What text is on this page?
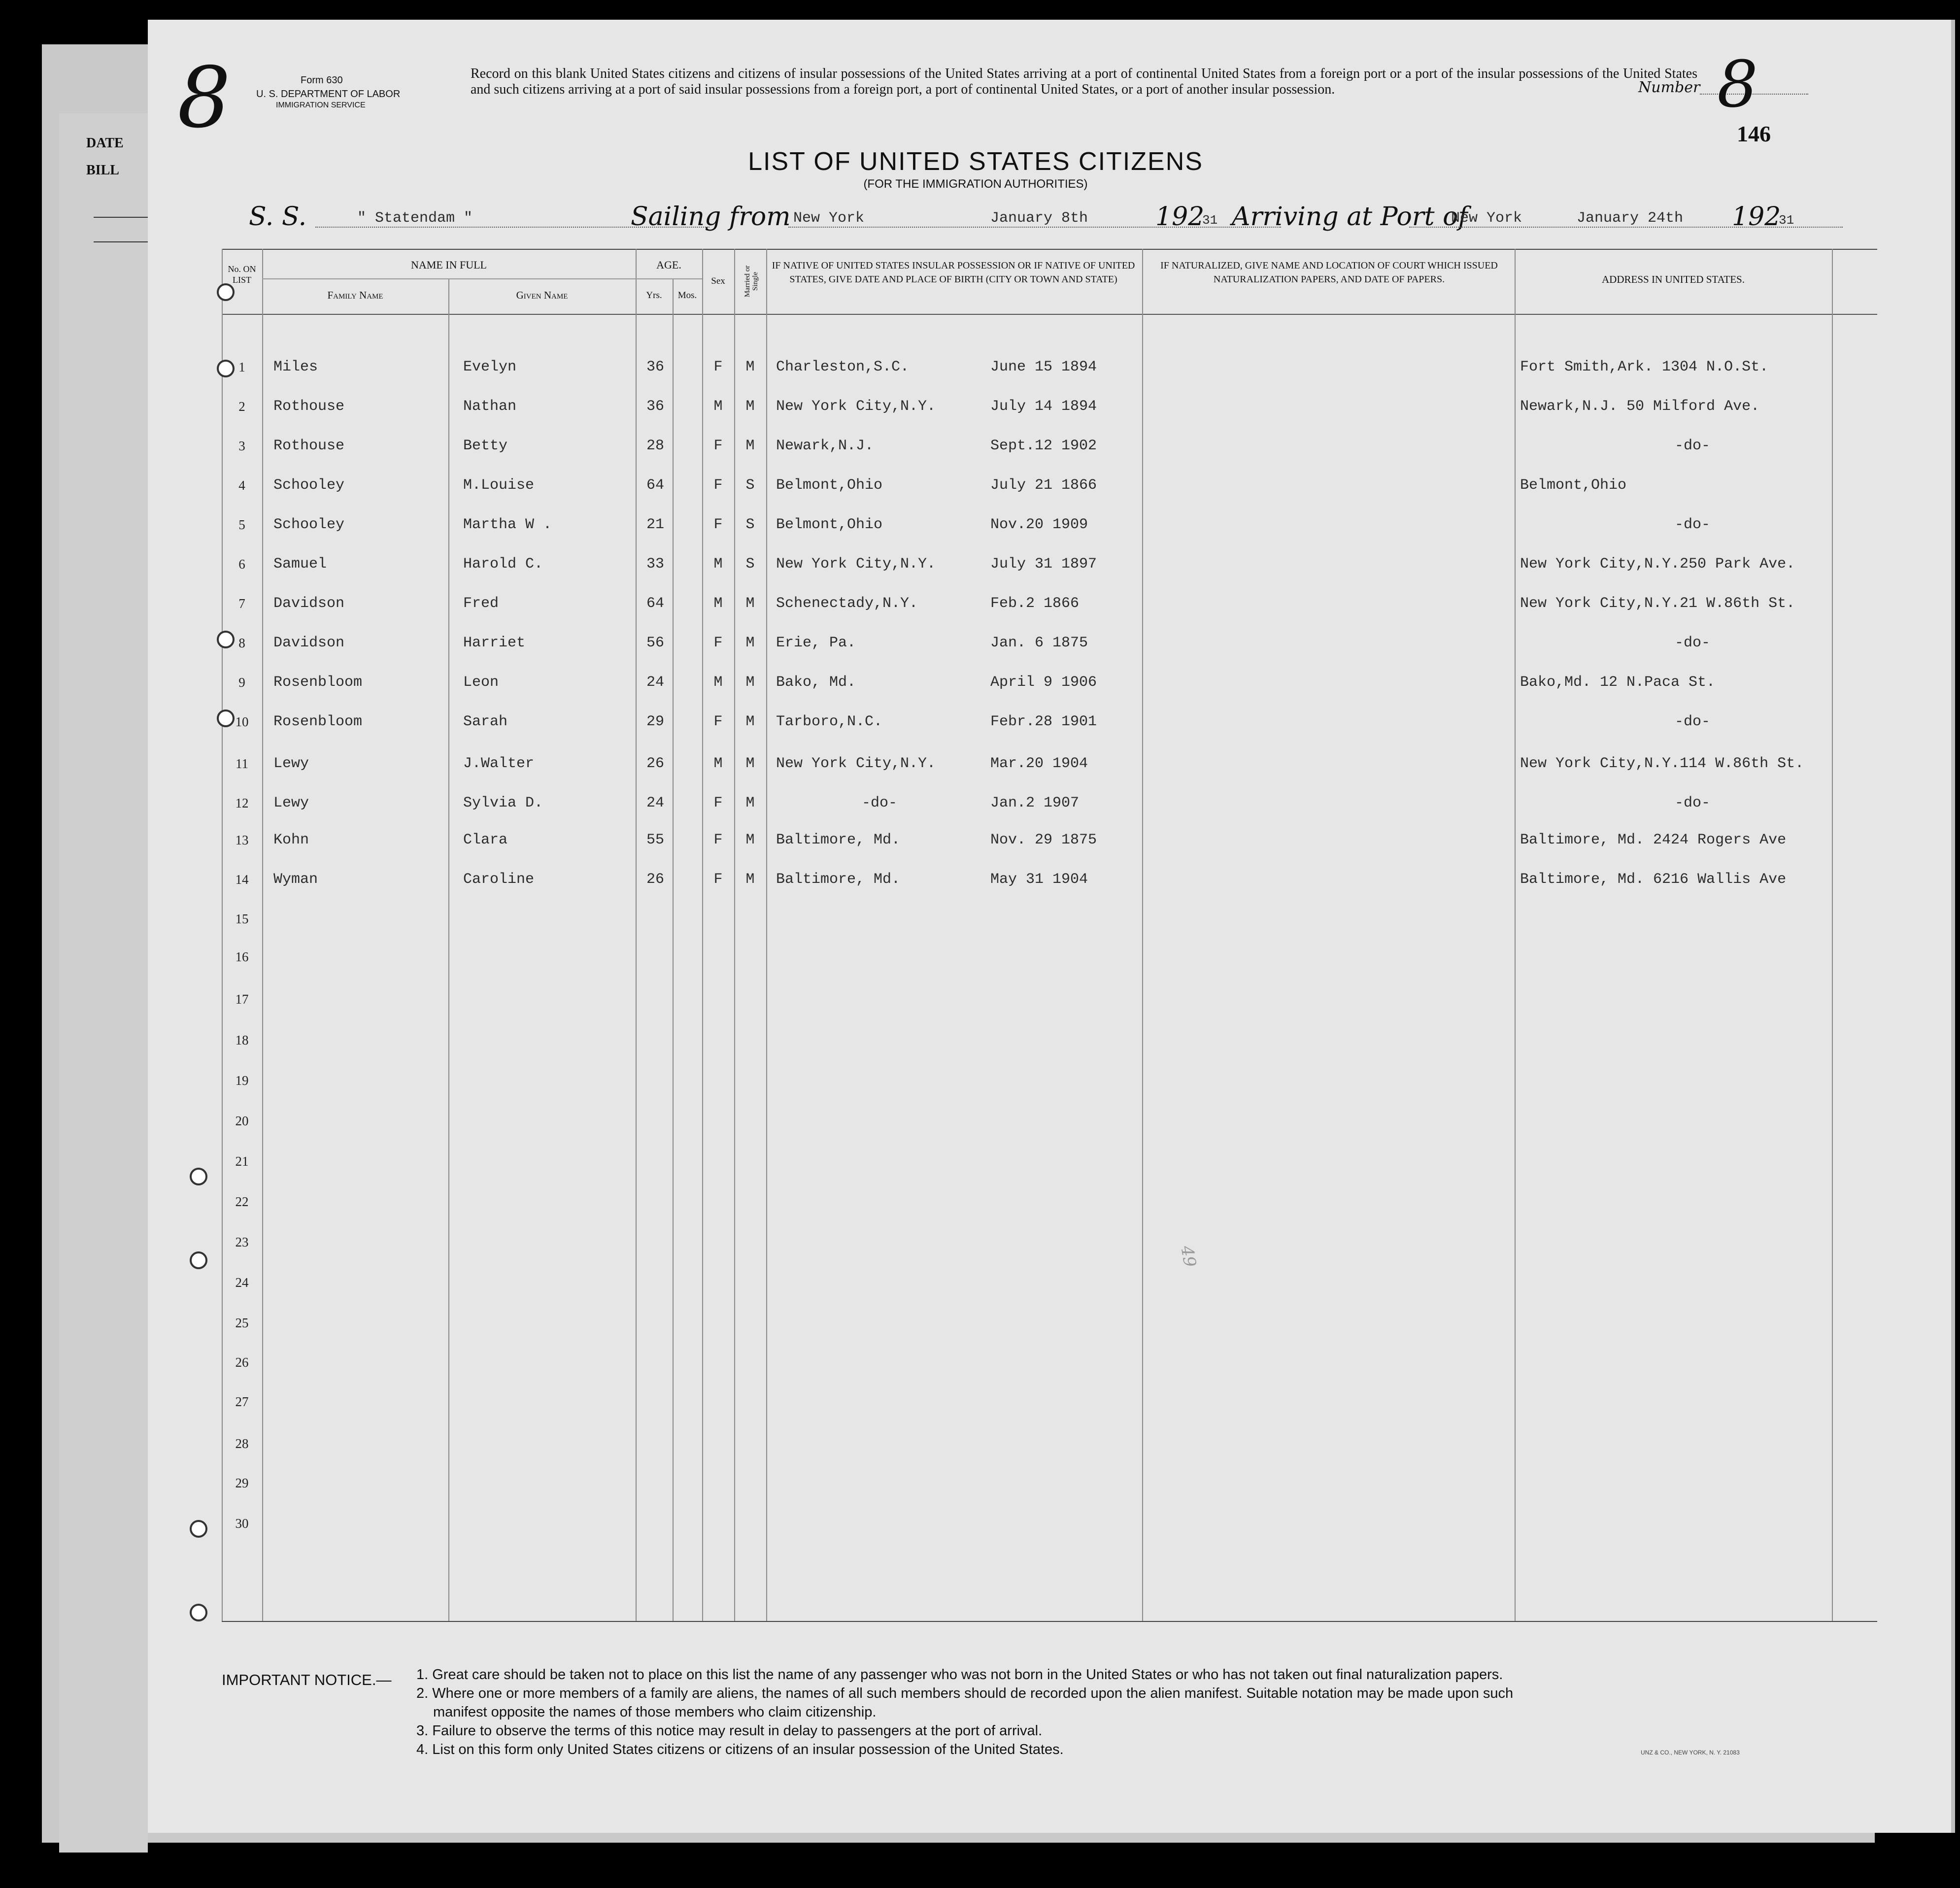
DATE
BILL
8	Form 630
U. S. DEPARTMENT OF LABOR
IMMIGRATION SERVICE
Record on this blank United States citizens and citizens of insular possessions of the United States arriving at a port of continental United States from a foreign port or a port of the insular possessions of the United States and such citizens arriving at a port of said insular possessions from a foreign port, a port of continental United States, or a port of another insular possession.	Number 8
146
LIST OF UNITED STATES CITIZENS
(FOR THE IMMIGRATION AUTHORITIES)
S. S.	" Statendam "	Sailing from New York	January 8th	192
31 Arriving at Port of
New York	January 24th 192
31
No. ON LIST
NAME IN FULL
Family Name	Given Name
AGE.
Yrs.	Mos.
Sex	Married or Single
IF NATIVE OF UNITED STATES INSULAR POSSESSION OR IF NATIVE OF UNITED STATES, GIVE DATE AND PLACE OF BIRTH (CITY OR TOWN AND STATE)
IF NATURALIZED, GIVE NAME AND LOCATION OF COURT WHICH ISSUED NATURALIZATION PAPERS, AND DATE OF PAPERS.	ADDRESS IN UNITED STATES.
1	Miles	Evelyn	36	F	M	Charleston,S.C.	June 15 1894	Fort Smith,Ark. 1304 N.O.St.
2	Rothouse	Nathan	36	M	M	New York City,N.Y.	July 14 1894	Newark,N.J. 50 Milford Ave.
3	Rothouse	Betty	28	F	M	Newark,N.J.	Sept.12 1902	-do-
4	Schooley	M.Louise	64	F	S	Belmont,Ohio	July 21 1866	Belmont,Ohio
5	Schooley	Martha W .	21	F	S	Belmont,Ohio	Nov.20 1909	-do-
6	Samuel	Harold C.	33	M	S	New York City,N.Y.	July 31 1897	New York City,N.Y.250 Park Ave.
7	Davidson	Fred	64	M	M	Schenectady,N.Y.	Feb.2 1866	New York City,N.Y.21 W.86th St.
8	Davidson	Harriet	56	F	M	Erie, Pa.	Jan. 6 1875	-do-
9	Rosenbloom	Leon	24	M	M	Bako, Md.	April 9 1906	Bako,Md. 12 N.Paca St.
10	Rosenbloom	Sarah	29	F	M	Tarboro,N.C.	Febr.28 1901	-do-
11	Lewy	J.Walter	26	M	M	New York City,N.Y.	Mar.20 1904	New York City,N.Y.114 W.86th St.
12	Lewy	Sylvia D.	24	F	M	-do-	Jan.2 1907	-do-
13	Kohn	Clara	55	F	M	Baltimore, Md.	Nov. 29 1875	Baltimore, Md. 2424 Rogers Ave
14	Wyman	Caroline	26	F	M	Baltimore, Md.	May 31 1904	Baltimore, Md. 6216 Wallis Ave
15
16
17
18
19
20
21
22
23
24
25
26
27
28
29
30
49
IMPORTANT NOTICE.— 1. Great care should be taken not to place on this list the name of any passenger who was not born in the United States or who has not taken out final naturalization papers.
2. Where one or more members of a family are aliens, the names of all such members should de recorded upon the alien manifest. Suitable notation may be made upon such
manifest opposite the names of those members who claim citizenship.
3. Failure to observe the terms of this notice may result in delay to passengers at the port of arrival.
4. List on this form only United States citizens or citizens of an insular possession of the United States.	UNZ & CO., NEW YORK, N. Y. 21083
